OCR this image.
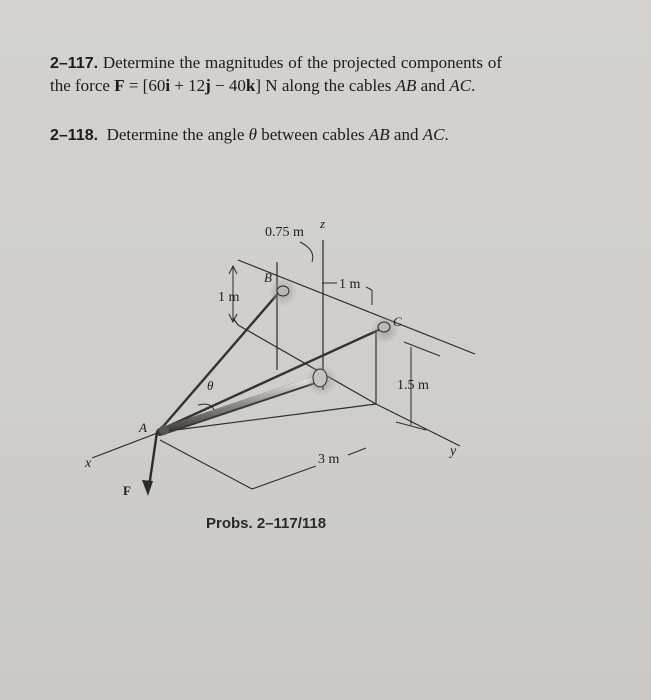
2–117. Determine the magnitudes of the projected components of the force F = [60i + 12j − 40k] N along the cables AB and AC.
2–118. Determine the angle θ between cables AB and AC.
z
x
y
B
C
A
F
θ
0.75 m
1 m
1 m
1.5 m
3 m
Probs. 2–117/118
